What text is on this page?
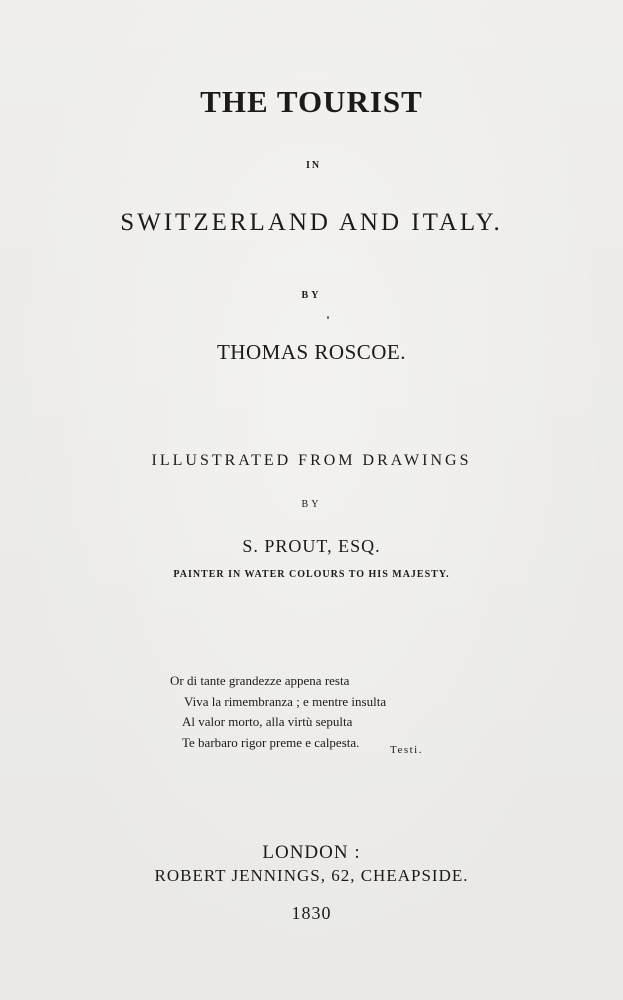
THE TOURIST
IN
SWITZERLAND AND ITALY.
BY
THOMAS ROSCOE.
ILLUSTRATED FROM DRAWINGS
BY
S. PROUT, ESQ.
PAINTER IN WATER COLOURS TO HIS MAJESTY.
Or di tante grandezze appena resta
Viva la rimembranza ; e mentre insulta
Al valor morto, alla virtù sepulta
Te barbaro rigor preme e calpesta.
Testi.
LONDON :
ROBERT JENNINGS, 62, CHEAPSIDE.
1830
